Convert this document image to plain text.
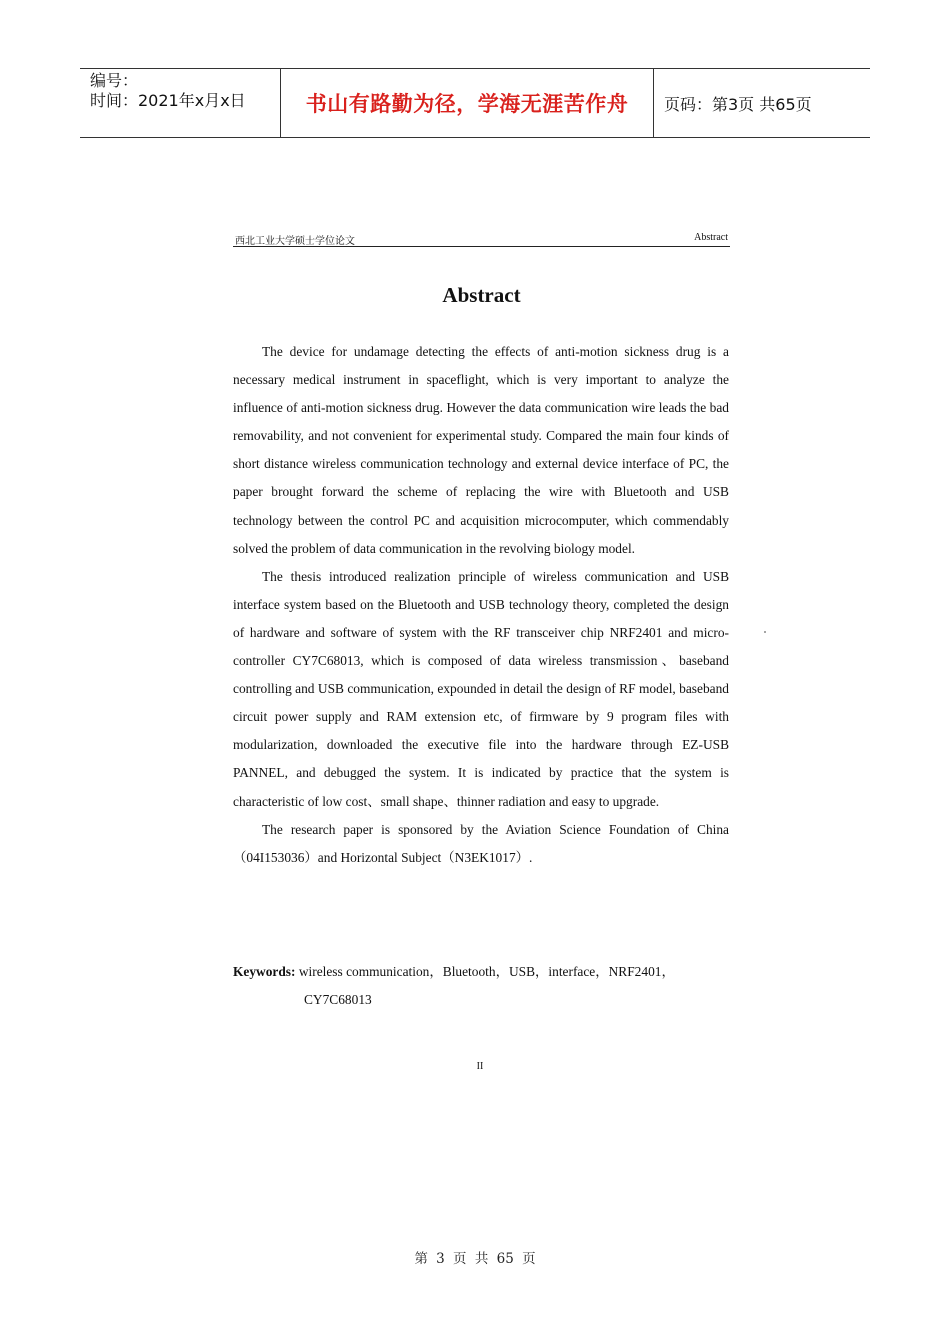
编号：
时间：2021年x月x日	书山有路勤为径，学海无涯苦作舟 页码：第3页 共65页
西北工业大学硕士学位论文	Abstract
Abstract

The device for undamage detecting the effects of anti-motion sickness drug is a necessary medical instrument in spaceflight, which is very important to analyze the influence of anti-motion sickness drug. However the data communication wire leads the bad removability, and not convenient for experimental study. Compared the main four kinds of short distance wireless communication technology and external device interface of PC, the paper brought forward the scheme of replacing the wire with Bluetooth and USB technology between the control PC and acquisition microcomputer, which commendably solved the problem of data communication in the revolving biology model.

The thesis introduced realization principle of wireless communication and USB interface system based on the Bluetooth and USB technology theory, completed the design of hardware and software of system with the RF transceiver chip NRF2401 and micro-controller CY7C68013, which is composed of data wireless transmission、baseband controlling and USB communication, expounded in detail the design of RF model, baseband circuit power supply and RAM extension etc, of firmware by 9 program files with modularization, downloaded the executive file into the hardware through EZ-USB PANNEL, and debugged the system. It is indicated by practice that the system is characteristic of low cost、small shape、thinner radiation and easy to upgrade.

The research paper is sponsored by the Aviation Science Foundation of China（04I153036）and Horizontal Subject（N3EK1017）.

Keywords: wireless communication，Bluetooth，USB，interface，NRF2401，
CY7C68013
II
第 3 页 共 65 页
